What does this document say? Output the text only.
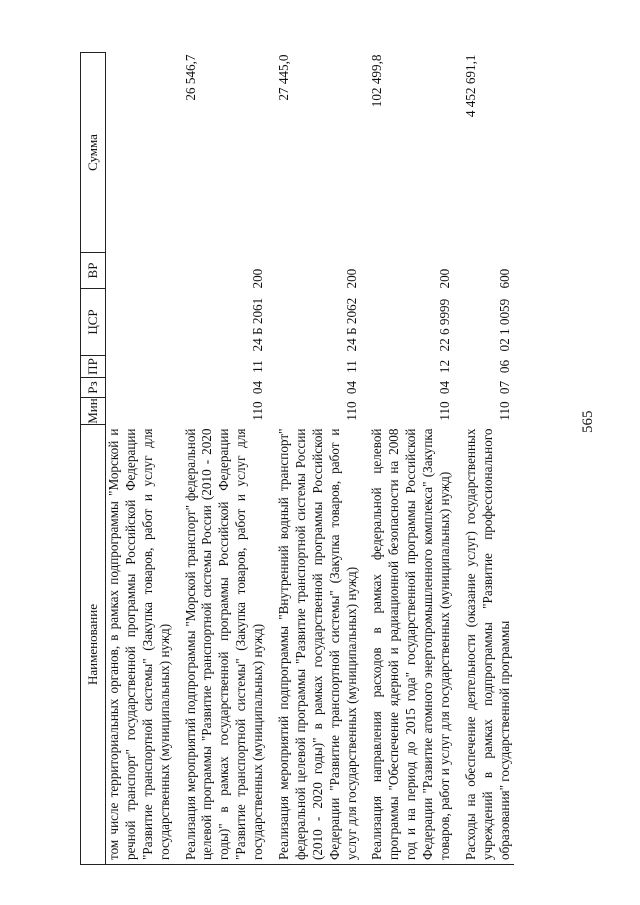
565
Наименование	Мин	Рз	ПР	ЦСР	ВР	Сумма
том числе территориальных органов, в рамках подпрограммы "Морской и речной транспорт" государственной программы Российской Федерации "Развитие транспортной системы" (Закупка товаров, работ и услуг для государственных (муниципальных) нужд)						
Реализация мероприятий подпрограммы "Морской транспорт" федеральной целевой программы "Развитие транспортной системы России (2010 - 2020 годы)" в рамках государственной программы Российской Федерации "Развитие транспортной системы" (Закупка товаров, работ и услуг для государственных (муниципальных) нужд)	110	04	11	24 Б 2061	200	26 546,7
Реализация мероприятий подпрограммы "Внутренний водный транспорт" федеральной целевой программы "Развитие транспортной системы России (2010 - 2020 годы)" в рамках государственной программы Российской Федерации "Развитие транспортной системы" (Закупка товаров, работ и услуг для государственных (муниципальных) нужд)	110	04	11	24 Б 2062	200	27 445,0
Реализация направления расходов в рамках федеральной целевой программы "Обеспечение ядерной и радиационной безопасности на 2008 год и на период до 2015 года" государственной программы Российской Федерации "Развитие атомного энергопромышленного комплекса" (Закупка товаров, работ и услуг для государственных (муниципальных) нужд)	110	04	12	22 6 9999	200	102 499,8
Расходы на обеспечение деятельности (оказание услуг) государственных учреждений в рамках подпрограммы "Развитие профессионального образования" государственной программы	110	07	06	02 1 0059	600	4 452 691,1
